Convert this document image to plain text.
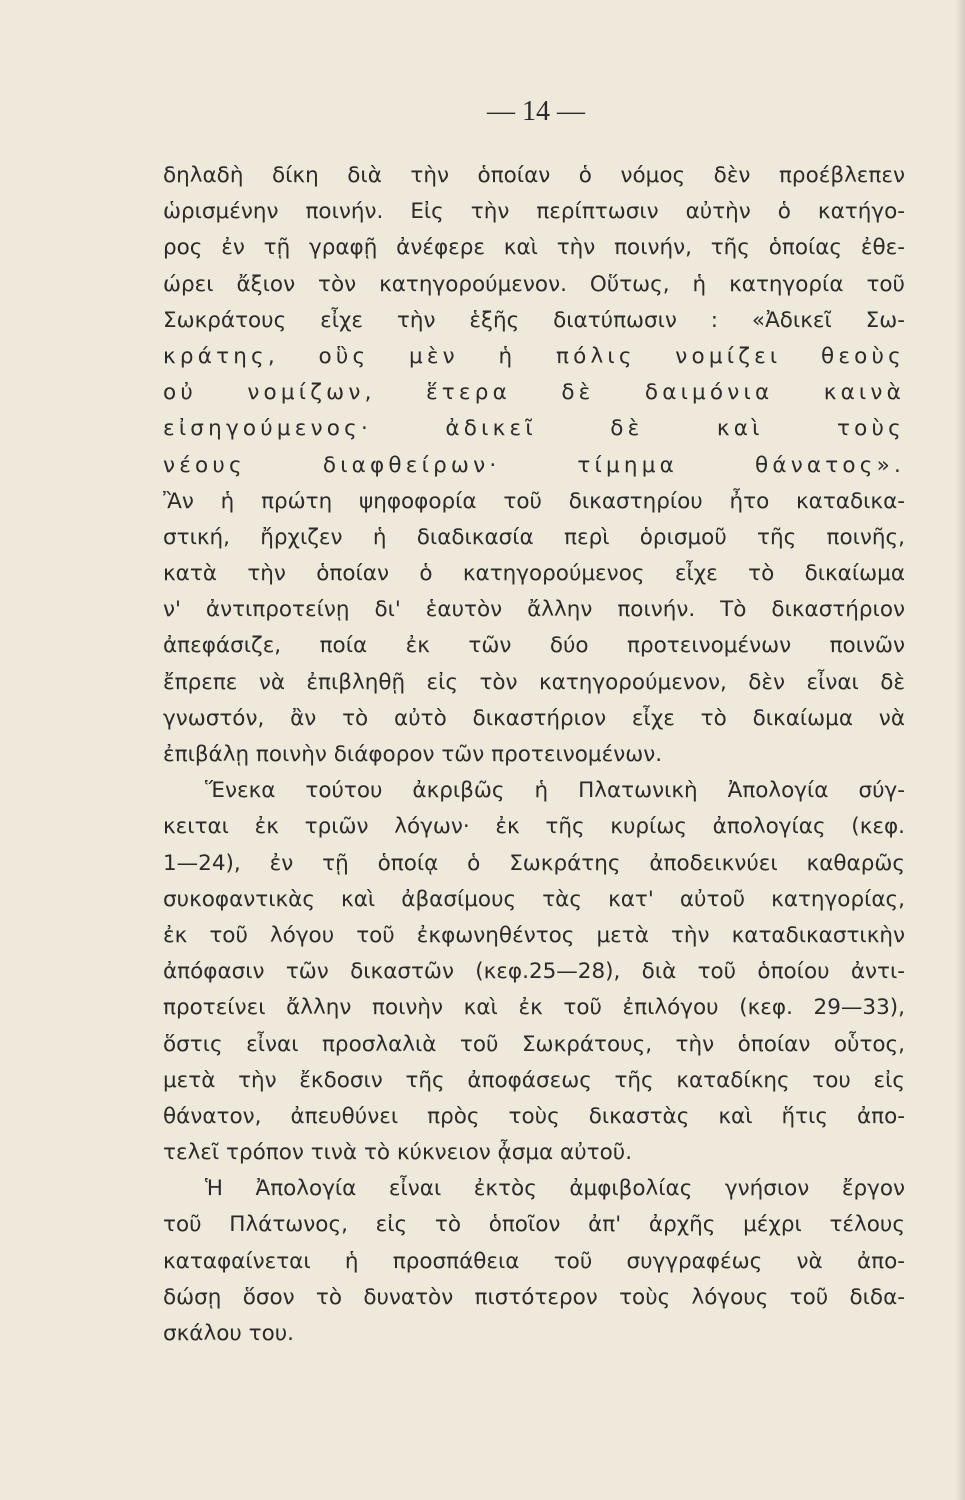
— 14 —
δηλαδὴ δίκη διὰ τὴν ὁποίαν ὁ νόμος δὲν προέβλεπεν
ὡρισμένην ποινήν. Εἰς τὴν περίπτωσιν αὐτὴν ὁ κατήγο-
ρος ἐν τῇ γραφῇ ἀνέφερε καὶ τὴν ποινήν, τῆς ὁποίας ἐθε-
ώρει ἄξιον τὸν κατηγορούμενον. Οὕτως, ἡ κατηγορία τοῦ
Σωκράτους εἶχε τὴν ἑξῆς διατύπωσιν : «Ἀδικεῖ Σω-
κράτης, οὓς μὲν ἡ πόλις νομίζει θεοὺς
οὐ νομίζων, ἕτερα δὲ δαιμόνια καινὰ
εἰσηγούμενος· ἀδικεῖ δὲ καὶ τοὺς
νέους διαφθείρων· τίμημα θάνατος».
Ἂν ἡ πρώτη ψηφοφορία τοῦ δικαστηρίου ἦτο καταδικα-
στική, ἤρχιζεν ἡ διαδικασία περὶ ὁρισμοῦ τῆς ποινῆς,
κατὰ τὴν ὁποίαν ὁ κατηγορούμενος εἶχε τὸ δικαίωμα
ν' ἀντιπροτείνῃ δι' ἑαυτὸν ἄλλην ποινήν. Τὸ δικαστήριον
ἀπεφάσιζε, ποία ἐκ τῶν δύο προτεινομένων ποινῶν
ἔπρεπε νὰ ἐπιβληθῇ εἰς τὸν κατηγορούμενον, δὲν εἶναι δὲ
γνωστόν, ἂν τὸ αὐτὸ δικαστήριον εἶχε τὸ δικαίωμα νὰ
ἐπιβάλῃ ποινὴν διάφορον τῶν προτεινομένων.
Ἕνεκα τούτου ἀκριβῶς ἡ Πλατωνικὴ Ἀπολογία σύγ-
κειται ἐκ τριῶν λόγων· ἐκ τῆς κυρίως ἀπολογίας (κεφ.
1—24), ἐν τῇ ὁποίᾳ ὁ Σωκράτης ἀποδεικνύει καθαρῶς
συκοφαντικὰς καὶ ἀβασίμους τὰς κατ' αὐτοῦ κατηγορίας,
ἐκ τοῦ λόγου τοῦ ἐκφωνηθέντος μετὰ τὴν καταδικαστικὴν
ἀπόφασιν τῶν δικαστῶν (κεφ.25—28), διὰ τοῦ ὁποίου ἀντι-
προτείνει ἄλλην ποινὴν καὶ ἐκ τοῦ ἐπιλόγου (κεφ. 29—33),
ὅστις εἶναι προσλαλιὰ τοῦ Σωκράτους, τὴν ὁποίαν οὗτος,
μετὰ τὴν ἔκδοσιν τῆς ἀποφάσεως τῆς καταδίκης του εἰς
θάνατον, ἀπευθύνει πρὸς τοὺς δικαστὰς καὶ ἥτις ἀπο-
τελεῖ τρόπον τινὰ τὸ κύκνειον ᾆσμα αὐτοῦ.
Ἡ Ἀπολογία εἶναι ἐκτὸς ἀμφιβολίας γνήσιον ἔργον
τοῦ Πλάτωνος, εἰς τὸ ὁποῖον ἀπ' ἀρχῆς μέχρι τέλους
καταφαίνεται ἡ προσπάθεια τοῦ συγγραφέως νὰ ἀπο-
δώσῃ ὅσον τὸ δυνατὸν πιστότερον τοὺς λόγους τοῦ διδα-
σκάλου του.
